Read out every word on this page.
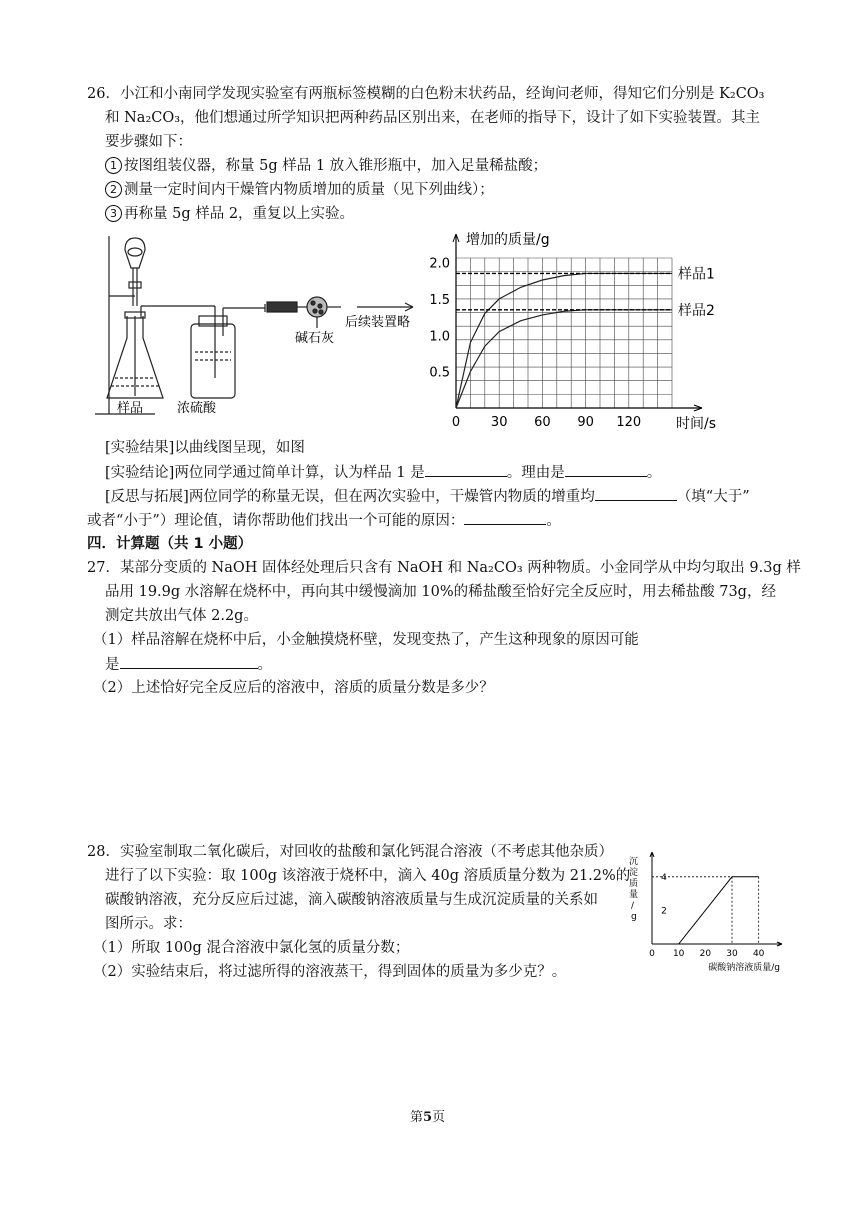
26．小江和小南同学发现实验室有两瓶标签模糊的白色粉末状药品，经询问老师，得知它们分别是 K₂CO₃
和 Na₂CO₃，他们想通过所学知识把两种药品区别出来，在老师的指导下，设计了如下实验装置。其主
要步骤如下：
1 按图组装仪器，称量 5g 样品 1 放入锥形瓶中，加入足量稀盐酸；
2 测量一定时间内干燥管内物质增加的质量（见下列曲线）；
3 再称量 5g 样品 2，重复以上实验。
样品	浓硫酸
碱石灰
后续装置略
0 30 60 90 120
0.5
1.0
1.5
2.0
增加的质量/g
时间/s
样品1
样品2
[实验结果]以曲线图呈现，如图
[实验结论]两位同学通过简单计算，认为样品 1 是	。理由是	。
[反思与拓展]两位同学的称量无误，但在两次实验中，干燥管内物质的增重均	（填“大于”
或者“小于”）理论值，请你帮助他们找出一个可能的原因：	。
四．计算题（共 1 小题）
27．某部分变质的 NaOH 固体经处理后只含有 NaOH 和 Na₂CO₃ 两种物质。小金同学从中均匀取出 9.3g 样
品用 19.9g 水溶解在烧杯中，再向其中缓慢滴加 10%的稀盐酸至恰好完全反应时，用去稀盐酸 73g，经
测定共放出气体 2.2g。
（1）样品溶解在烧杯中后，小金触摸烧杯壁，发现变热了，产生这种现象的原因可能
是	。
（2）上述恰好完全反应后的溶液中，溶质的质量分数是多少？
28．实验室制取二氧化碳后，对回收的盐酸和氯化钙混合溶液（不考虑其他杂质）
进行了以下实验：取 100g 该溶液于烧杯中，滴入 40g 溶质质量分数为 21.2%的
碳酸钠溶液，充分反应后过滤，滴入碳酸钠溶液质量与生成沉淀质量的关系如
图所示。求：
（1）所取 100g 混合溶液中氯化氢的质量分数；
（2）实验结束后，将过滤所得的溶液蒸干，得到固体的质量为多少克？。
0 10 20 30 40
2
4
沉淀质量/ g
碳酸钠溶液质量/g
第5页
